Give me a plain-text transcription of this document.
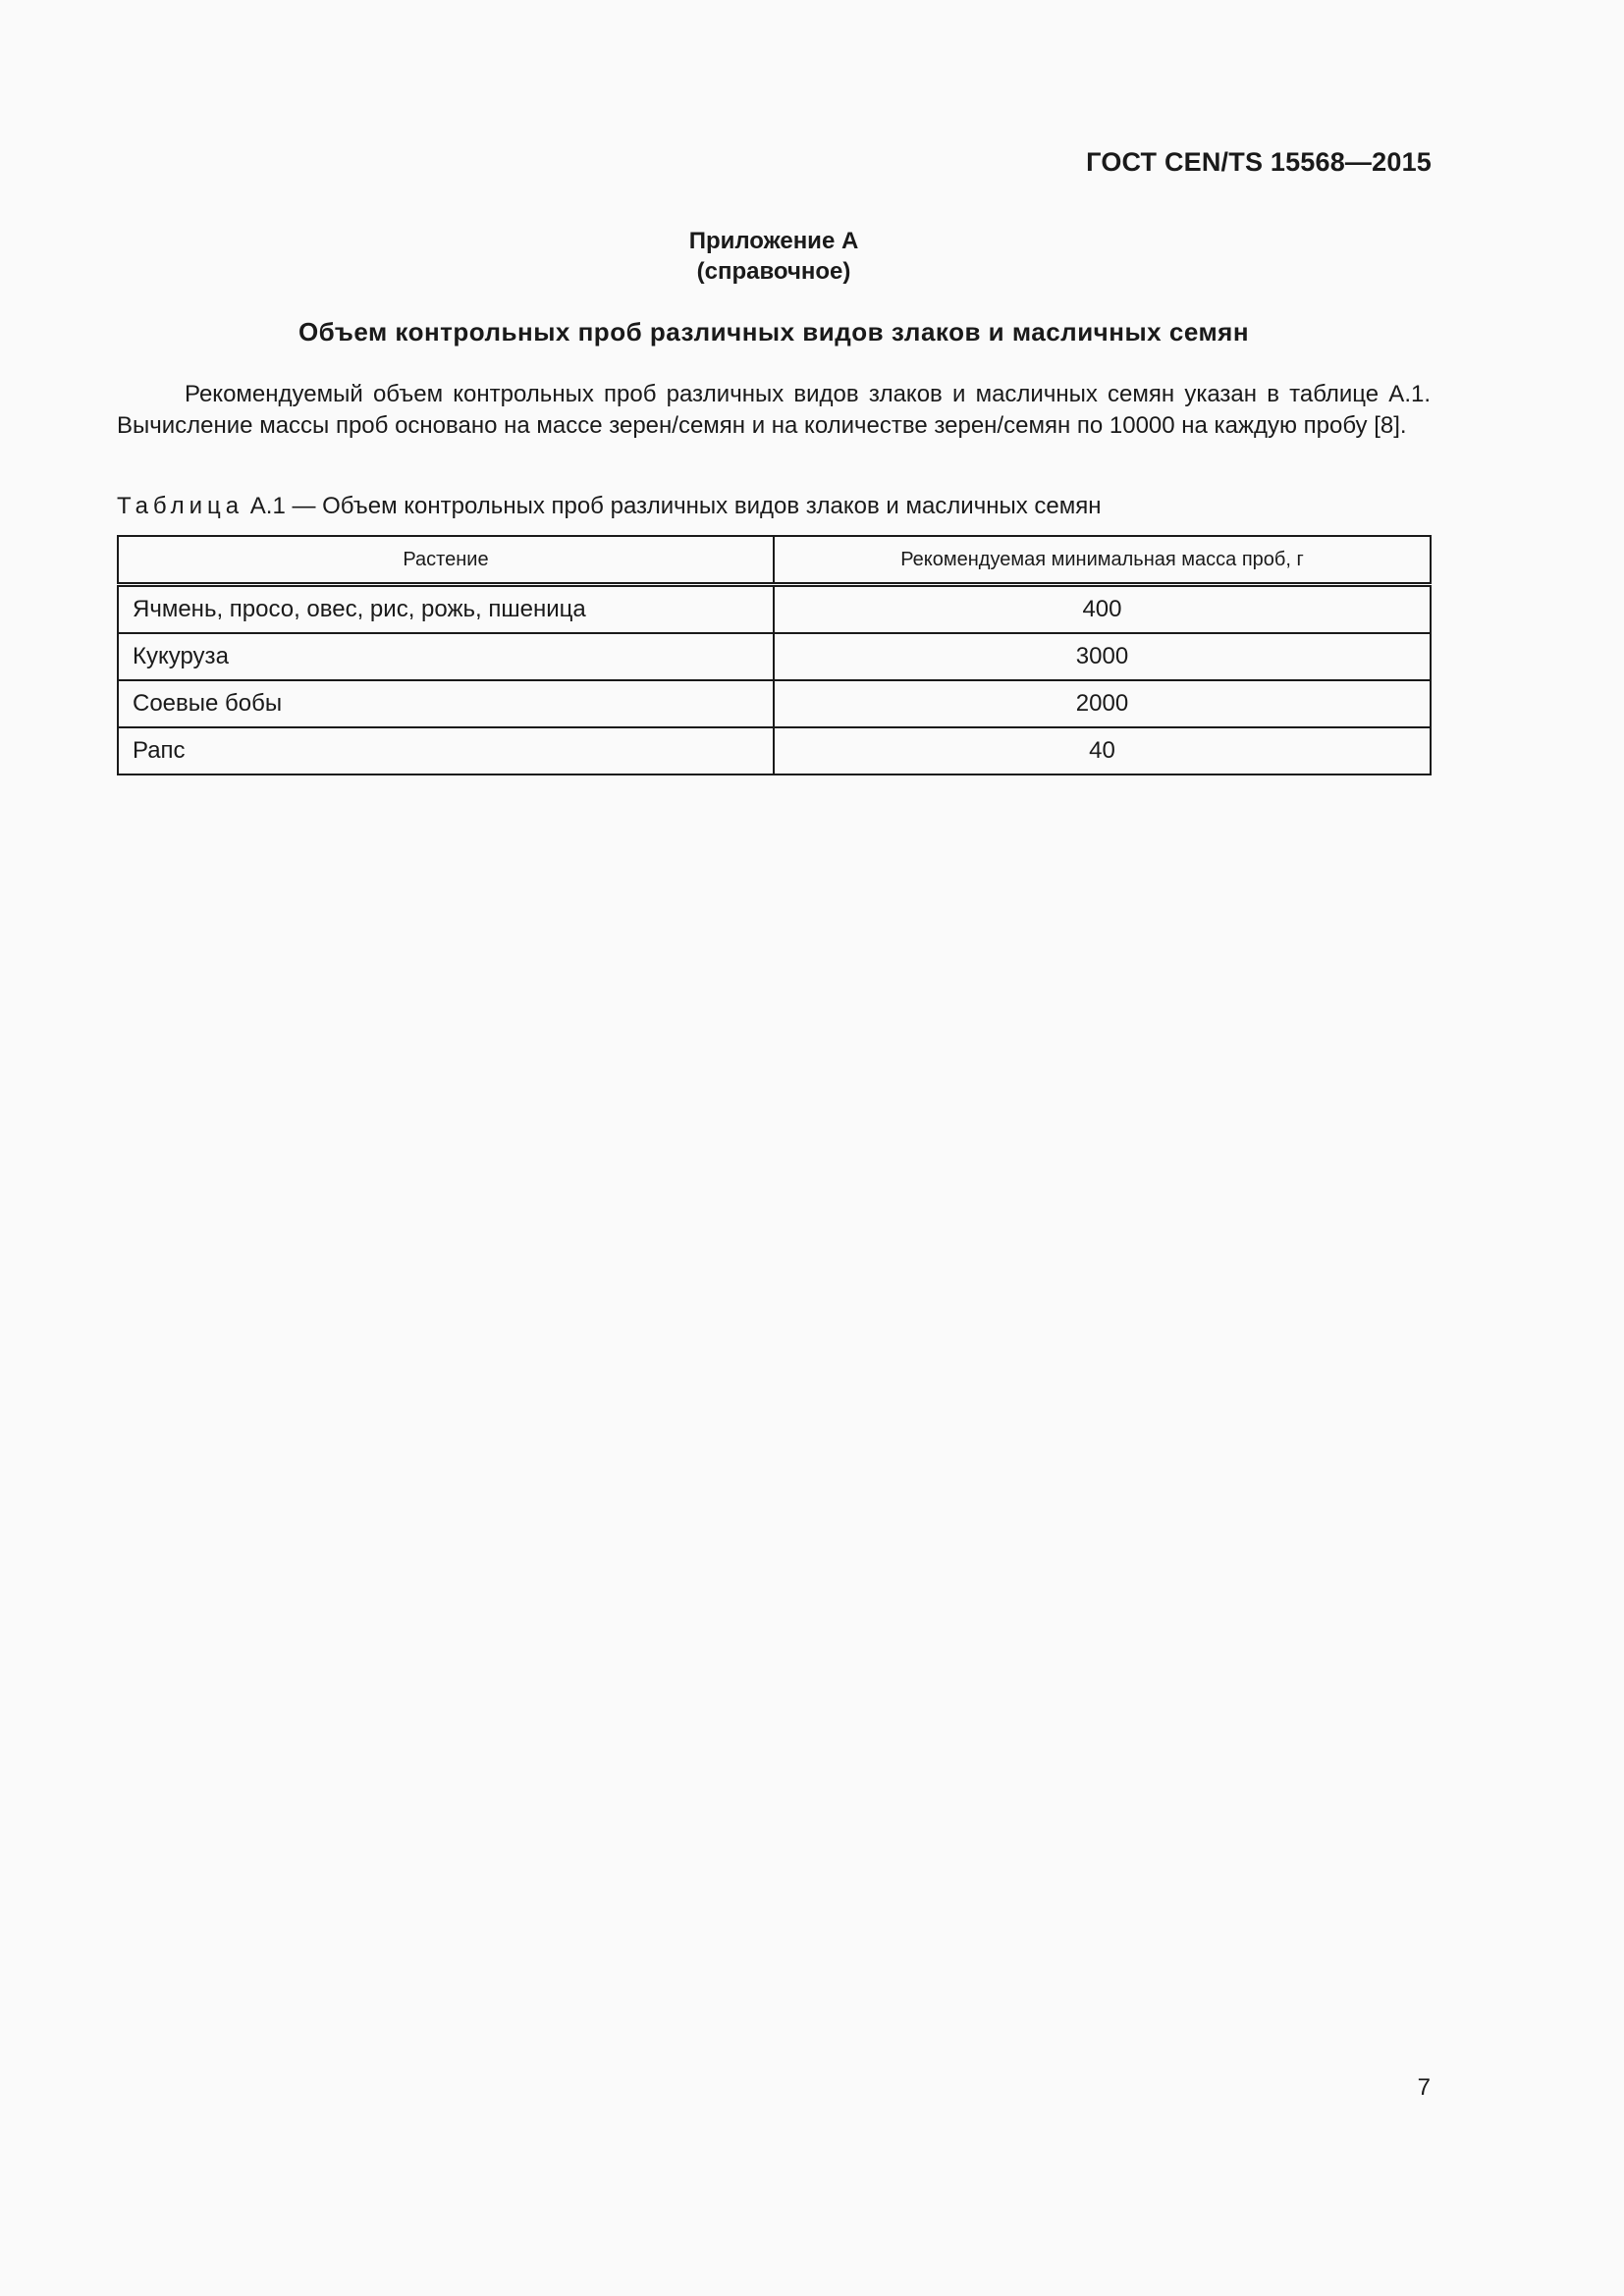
ГОСТ CEN/TS 15568—2015
Приложение А
(справочное)
Объем контрольных проб различных видов злаков и масличных семян
Рекомендуемый объем контрольных проб различных видов злаков и масличных семян указан в таблице А.1. Вычисление массы проб основано на массе зерен/семян и на количестве зерен/семян по 10000 на каждую пробу [8].
Таблица А.1 — Объем контрольных проб различных видов злаков и масличных семян
Растение	Рекомендуемая минимальная масса проб, г
Ячмень, просо, овес, рис, рожь, пшеница	400
Кукуруза	3000
Соевые бобы	2000
Рапс	40
7
